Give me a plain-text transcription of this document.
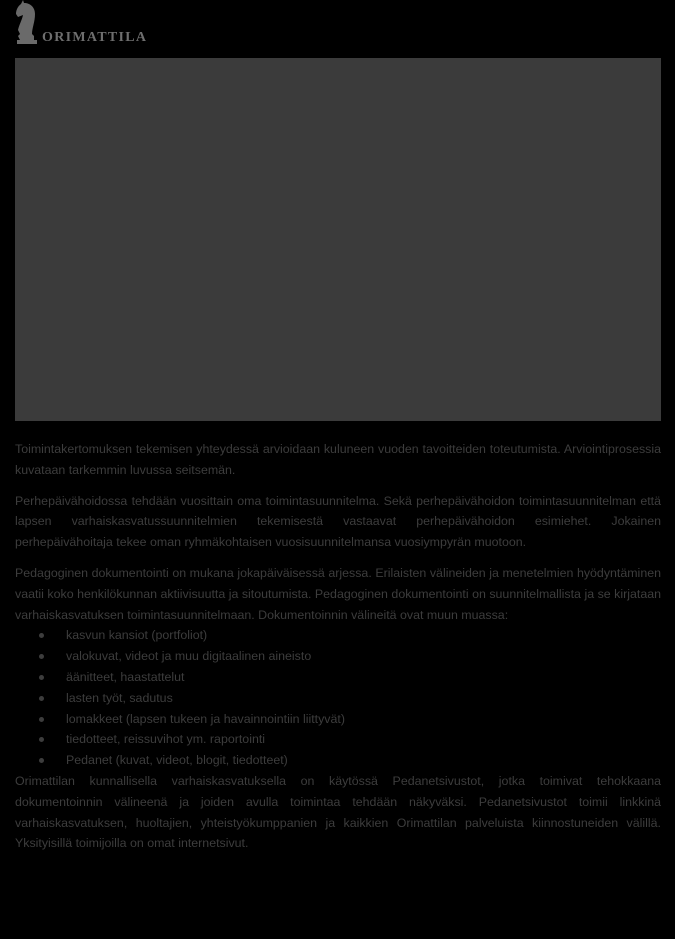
ORIMATTILA

Toimintakertomuksen tekemisen yhteydessä arvioidaan kuluneen vuoden tavoitteiden toteutumista. Arviointiprosessia kuvataan tarkemmin luvussa seitsemän.

Perhepäivähoidossa tehdään vuosittain oma toimintasuunnitelma. Sekä perhepäivähoidon toimintasuunnitelman että lapsen varhaiskasvatussuunnitelmien tekemisestä vastaavat perhepäivähoidon esimiehet. Jokainen perhepäivähoitaja tekee oman ryhmäkohtaisen vuosisuunnitelmansa vuosiympyrän muotoon.

Pedagoginen dokumentointi on mukana jokapäiväisessä arjessa. Erilaisten välineiden ja menetelmien hyödyntäminen vaatii koko henkilökunnan aktiivisuutta ja sitoutumista. Pedagoginen dokumentointi on suunnitelmallista ja se kirjataan varhaiskasvatuksen toimintasuunnitelmaan. Dokumentoinnin välineitä ovat muun muassa:

kasvun kansiot (portfoliot)
valokuvat, videot ja muu digitaalinen aineisto
äänitteet, haastattelut
lasten työt, sadutus
lomakkeet (lapsen tukeen ja havainnointiin liittyvät)
tiedotteet, reissuvihot ym. raportointi
Pedanet (kuvat, videot, blogit, tiedotteet)

Orimattilan kunnallisella varhaiskasvatuksella on käytössä Pedanetsivustot, jotka toimivat tehokkaana dokumentoinnin välineenä ja joiden avulla toimintaa tehdään näkyväksi. Pedanetsivustot toimii linkkinä varhaiskasvatuksen, huoltajien, yhteistyökumppanien ja kaikkien Orimattilan palveluista kiinnostuneiden välillä. Yksityisillä toimijoilla on omat internetsivut.
